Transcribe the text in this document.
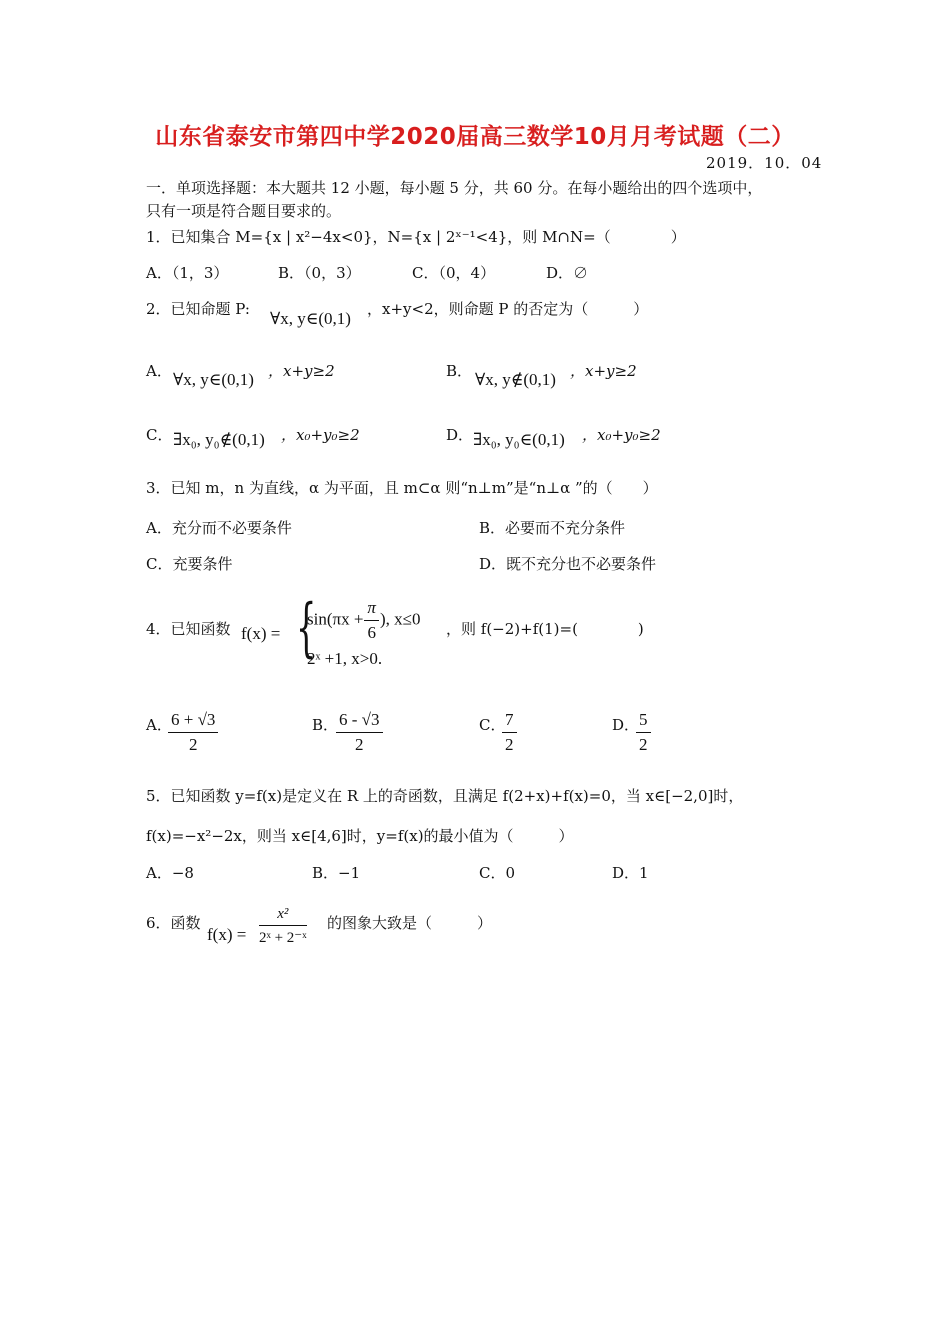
山东省泰安市第四中学2020届高三数学10月月考试题（二）
2019．10．04
一．单项选择题：本大题共 12 小题，每小题 5 分，共 60 分。在每小题给出的四个选项中，
只有一项是符合题目要求的。
1．已知集合 M={x | x²−4x<0}，N={x | 2ˣ⁻¹<4}，则 M∩N=（　　　　）
A．（1，3）	B．（0，3）	C．（0，4）	D．∅
2．已知命题 P: ∀x, y∈(0,1) ，x+y<2，则命题 P 的否定为（　　　）
A． ∀x, y∈(0,1) ，x+y≥2	B． ∀x, y∉(0,1) ，x+y≥2
C． ∃x₀, y₀∉(0,1) ，x₀+y₀≥2	D． ∃x₀, y₀∈(0,1) ，x₀+y₀≥2
3．已知 m，n 为直线，α 为平面，且 m⊂α 则“n⊥m”是“n⊥α ”的（　　）
A．充分而不必要条件	B．必要而不充分条件
C．充要条件	D．既不充分也不必要条件
4．已知函数 f(x) = {
$\sin(\pi x + \frac{\pi}{6}$ ), x≤0
2ˣ +1, x>0.
，则 f(−2)+f(1)=(　　　　)
A．
$\frac{6 + √3}{2}$	B．
$\frac{6 - √3}{2}$	C．
$\frac{7}{2}$	D．
$\frac{5}{2}$
5．已知函数 y=f(x)是定义在 R 上的奇函数，且满足 f(2+x)+f(x)=0，当 x∈[−2,0]时，
f(x)=−x²−2x，则当 x∈[4,6]时，y=f(x)的最小值为（　　　）
A．−8	B．−1	C．0	D．1
6．函数
$f(x) = \frac{\text{x²}}{\text{2ˣ + 2⁻ˣ}}$ 的图象大致是（　　　）
